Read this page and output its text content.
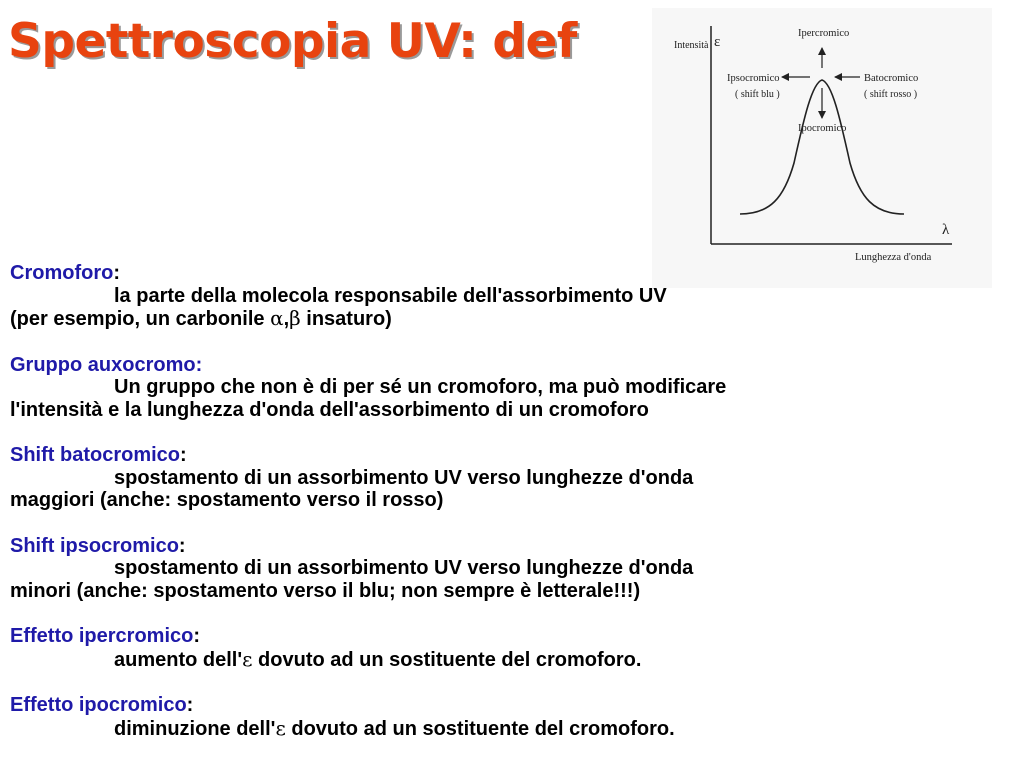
Spettroscopia UV: def	Intensità ε
Ipercromico
Ipsocromico
( shift blu )
Batocromico
( shift rosso )
Ipocromico
λ
Lunghezza d'onda
Cromoforo:
la parte della molecola responsabile dell'assorbimento UV
(per esempio, un carbonile α,β insaturo)
Gruppo auxocromo:
Un gruppo che non è di per sé un cromoforo, ma può modificare
l'intensità e la lunghezza d'onda dell'assorbimento di un cromoforo
Shift batocromico:
spostamento di un assorbimento UV verso lunghezze d'onda
maggiori (anche: spostamento verso il rosso)
Shift ipsocromico:
spostamento di un assorbimento UV verso lunghezze d'onda
minori (anche: spostamento verso il blu; non sempre è letterale!!!)
Effetto ipercromico:
aumento dell'ε dovuto ad un sostituente del cromoforo.
Effetto ipocromico:
diminuzione dell'ε dovuto ad un sostituente del cromoforo.
